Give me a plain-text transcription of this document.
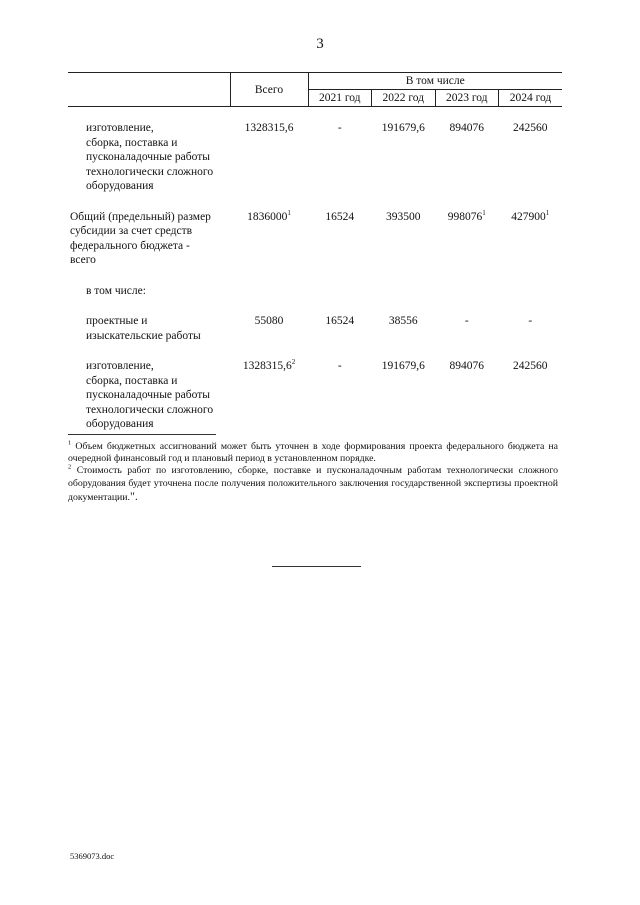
3
	Всего	В том числе			
		2021 год	2022 год	2023 год	2024 год

изготовление,
сборка, поставка и
пусконаладочные работы
технологически сложного
оборудования	1328315,6	-	191679,6	894076	242560

Общий (предельный) размер
субсидии за счет средств
федерального бюджета -
всего	1836000$^1$	16524	393500	998076$^1$	427900$^1$

в том числе:					

проектные и
изыскательские работы	55080	16524	38556	-	-

изготовление,
сборка, поставка и
пусконаладочные работы
технологически сложного
оборудования	1328315,6$^2$	-	191679,6	894076	242560

$^1$ Объем бюджетных ассигнований может быть уточнен в ходе формирования проекта федерального бюджета на очередной финансовый год и плановый период в установленном порядке.

$^2$ Стоимость работ по изготовлению, сборке, поставке и пусконаладочным работам технологически сложного оборудования будет уточнена после получения положительного заключения государственной экспертизы проектной документации.".

5369073.doc
